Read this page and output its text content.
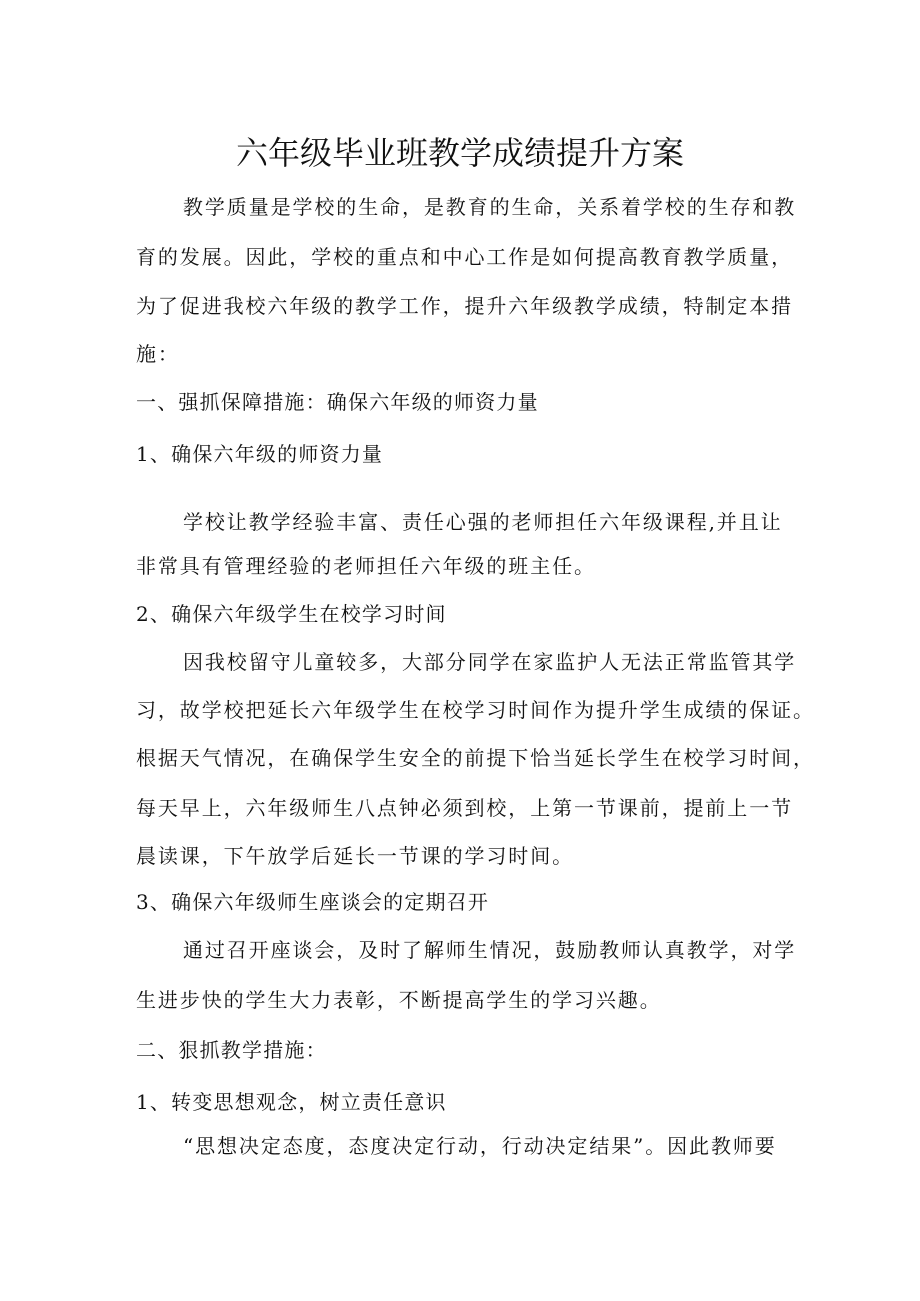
六年级毕业班教学成绩提升方案
教学质量是学校的生命，是教育的生命，关系着学校的生存和教
育的发展。因此，学校的重点和中心工作是如何提高教育教学质量，
为了促进我校六年级的教学工作，提升六年级教学成绩，特制定本措
施：
一、强抓保障措施：确保六年级的师资力量
1、确保六年级的师资力量
学校让教学经验丰富、责任心强的老师担任六年级课程,并且让
非常具有管理经验的老师担任六年级的班主任。
2、确保六年级学生在校学习时间
因我校留守儿童较多，大部分同学在家监护人无法正常监管其学
习，故学校把延长六年级学生在校学习时间作为提升学生成绩的保证。
根据天气情况，在确保学生安全的前提下恰当延长学生在校学习时间，
每天早上，六年级师生八点钟必须到校，上第一节课前，提前上一节
晨读课，下午放学后延长一节课的学习时间。
3、确保六年级师生座谈会的定期召开
通过召开座谈会，及时了解师生情况，鼓励教师认真教学，对学
生进步快的学生大力表彰，不断提高学生的学习兴趣。
二、狠抓教学措施：
1、转变思想观念，树立责任意识
“思想决定态度，态度决定行动，行动决定结果”。因此教师要
